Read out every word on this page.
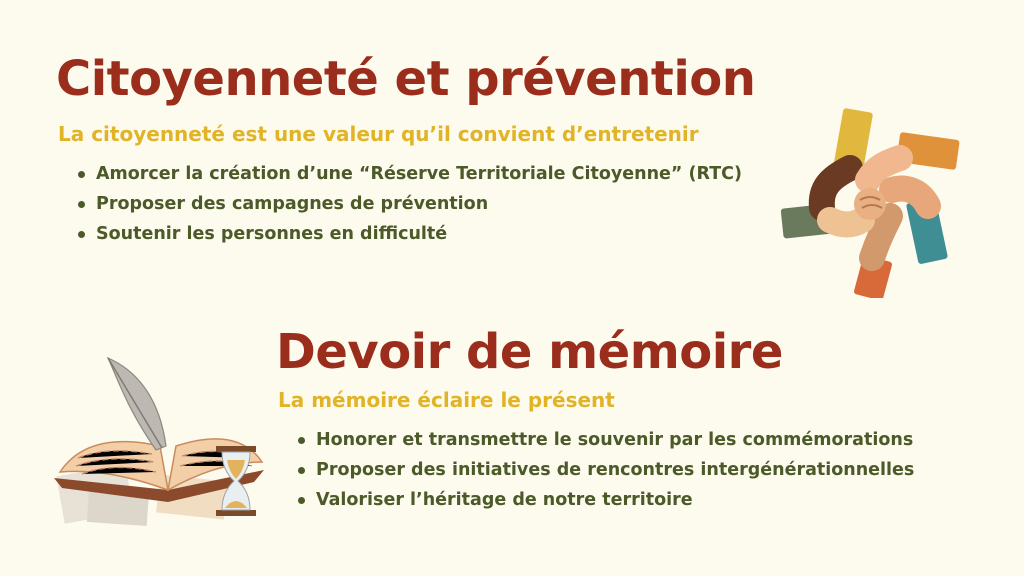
Citoyenneté et prévention

La citoyenneté est une valeur qu’il convient d’entretenir

Amorcer la création d’une “Réserve Territoriale Citoyenne” (RTC)
Proposer des campagnes de prévention
Soutenir les personnes en difficulté
Devoir de mémoire

La mémoire éclaire le présent

Honorer et transmettre le souvenir par les commémorations
Proposer des initiatives de rencontres intergénérationnelles
Valoriser l’héritage de notre territoire
